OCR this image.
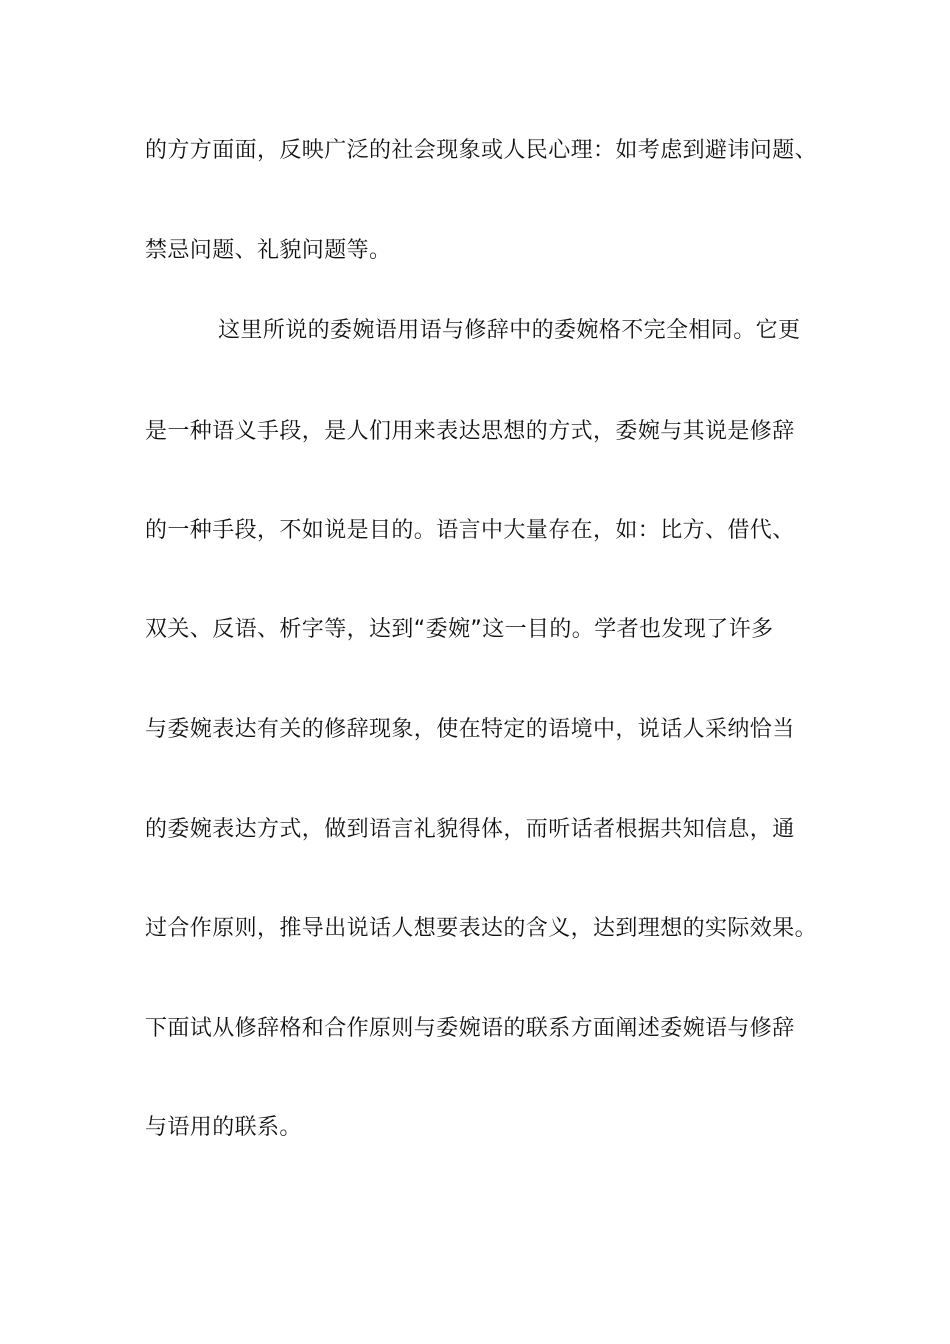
的方方面面，反映广泛的社会现象或人民心理：如考虑到避讳问题、
禁忌问题、礼貌问题等。
这里所说的委婉语用语与修辞中的委婉格不完全相同。它更
是一种语义手段，是人们用来表达思想的方式，委婉与其说是修辞
的一种手段，不如说是目的。语言中大量存在，如：比方、借代、
双关、反语、析字等，达到“委婉”这一目的。学者也发现了许多
与委婉表达有关的修辞现象，使在特定的语境中，说话人采纳恰当
的委婉表达方式，做到语言礼貌得体，而听话者根据共知信息，通
过合作原则，推导出说话人想要表达的含义，达到理想的实际效果。
下面试从修辞格和合作原则与委婉语的联系方面阐述委婉语与修辞
与语用的联系。
